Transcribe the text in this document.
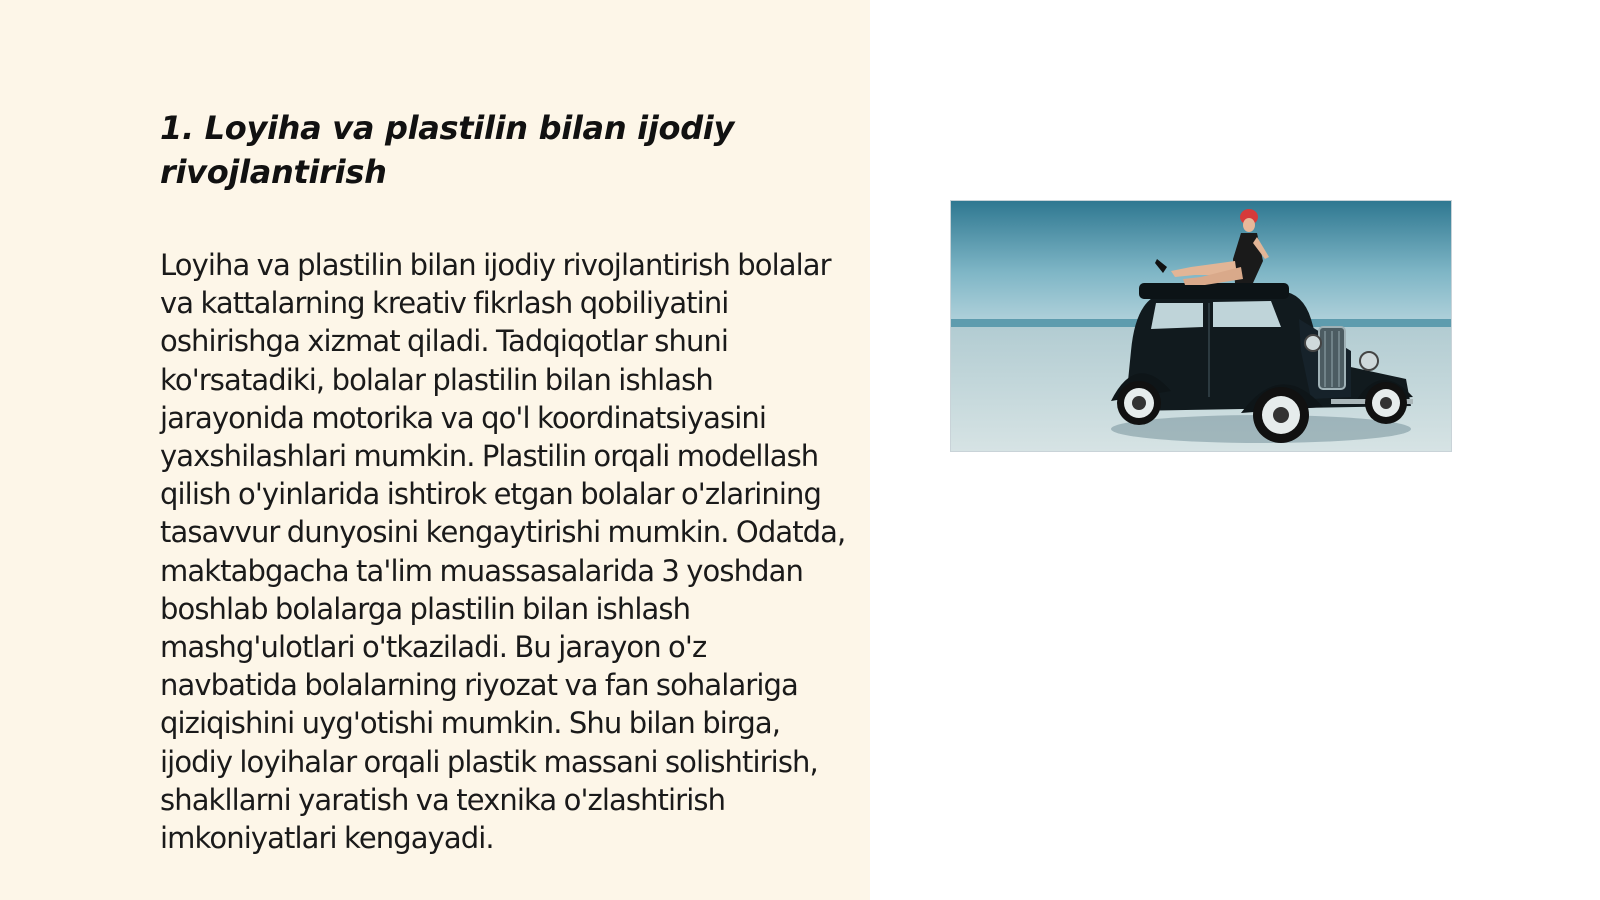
1. Loyiha va plastilin bilan ijodiy rivojlantirish

Loyiha va plastilin bilan ijodiy rivojlantirish bolalar va kattalarning kreativ fikrlash qobiliyatini oshirishga xizmat qiladi. Tadqiqotlar shuni ko'rsatadiki, bolalar plastilin bilan ishlash jarayonida motorika va qo'l koordinatsiyasini yaxshilashlari mumkin. Plastilin orqali modellash qilish o'yinlarida ishtirok etgan bolalar o'zlarining tasavvur dunyosini kengaytirishi mumkin. Odatda, maktabgacha ta'lim muassasalarida 3 yoshdan boshlab bolalarga plastilin bilan ishlash mashg'ulotlari o'tkaziladi. Bu jarayon o'z navbatida bolalarning riyozat va fan sohalariga qiziqishini uyg'otishi mumkin. Shu bilan birga, ijodiy loyihalar orqali plastik massani solishtirish, shakllarni yaratish va texnika o'zlashtirish imkoniyatlari kengayadi.
